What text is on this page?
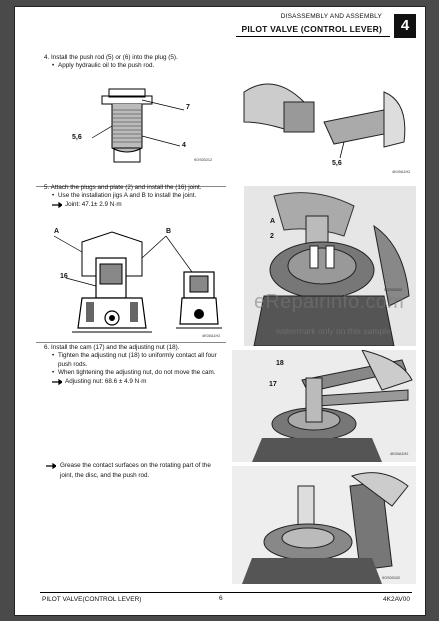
DISASSEMBLY AND ASSEMBLY
PILOT VALVE (CONTROL LEVER)	4

4. Install the push rod (5) or (6) into the plug (5).

• Apply hydraulic oil to the push rod.

7
5,6
4
9OS00212	5,6
4K00A1H2

5. Attach the plugs and plate (2) and install the (16) joint.

• Use the installation jigs A and B to install the joint.

Joint: 47.1± 2.9 N·m

A	B
16
4K00A1H2
A
2
9OS00202

6. Install the cam (17) and the adjusting nut (18).

• Tighten the adjusting nut (18) to uniformly contact all four push rods.

• When tightening the adjusting nut, do not move the cam.

Adjusting nut: 68.6 ± 4.9 N·m

18
17
4K00A1H2
Grease the contact surfaces on the rotating part of the joint, the disc, and the push rod.
9OS00102
eRepairinfo.com
watermark only on this sample
PILOT VALVE(CONTROL LEVER)	6	4K2AV00
